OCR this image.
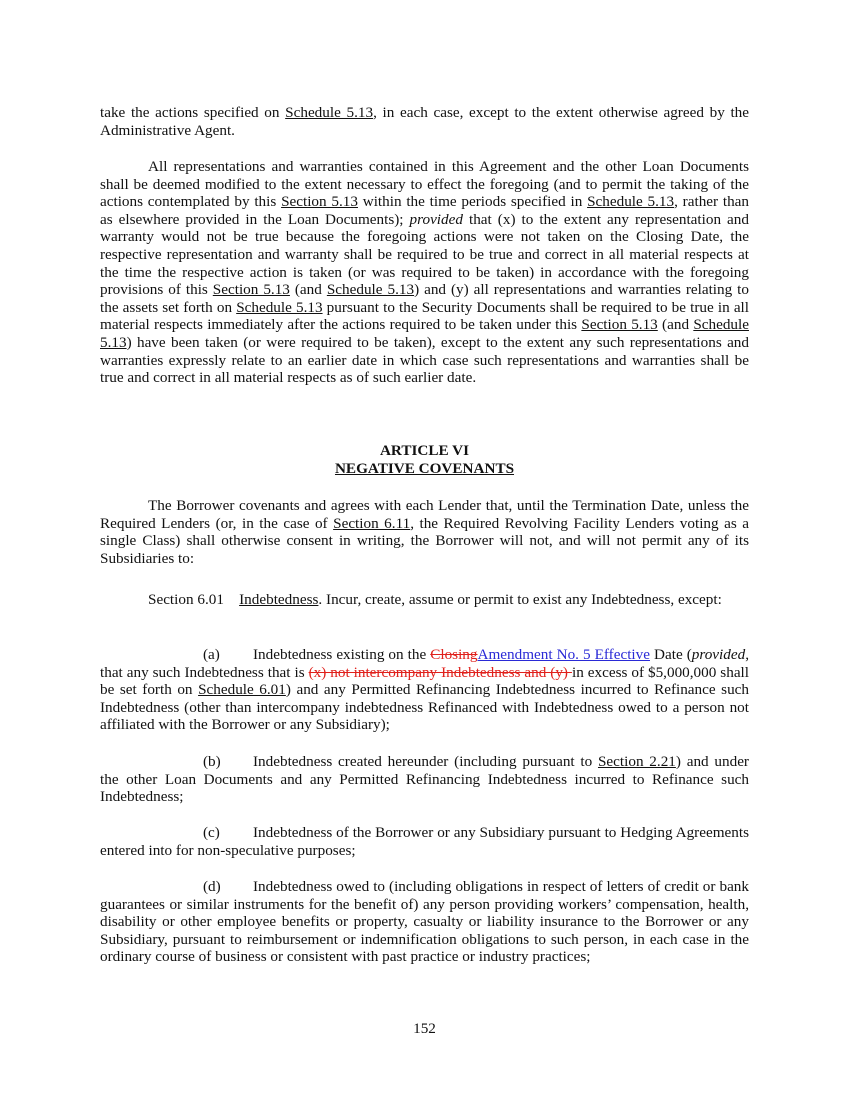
take the actions specified on Schedule 5.13, in each case, except to the extent otherwise agreed by the Administrative Agent.

All representations and warranties contained in this Agreement and the other Loan Documents shall be deemed modified to the extent necessary to effect the foregoing (and to permit the taking of the actions contemplated by this Section 5.13 within the time periods specified in Schedule 5.13, rather than as elsewhere provided in the Loan Documents); provided that (x) to the extent any representation and warranty would not be true because the foregoing actions were not taken on the Closing Date, the respective representation and warranty shall be required to be true and correct in all material respects at the time the respective action is taken (or was required to be taken) in accordance with the foregoing provisions of this Section 5.13 (and Schedule 5.13) and (y) all representations and warranties relating to the assets set forth on Schedule 5.13 pursuant to the Security Documents shall be required to be true in all material respects immediately after the actions required to be taken under this Section 5.13 (and Schedule 5.13) have been taken (or were required to be taken), except to the extent any such representations and warranties expressly relate to an earlier date in which case such representations and warranties shall be true and correct in all material respects as of such earlier date.

ARTICLE VI

NEGATIVE COVENANTS

The Borrower covenants and agrees with each Lender that, until the Termination Date, unless the Required Lenders (or, in the case of Section 6.11, the Required Revolving Facility Lenders voting as a single Class) shall otherwise consent in writing, the Borrower will not, and will not permit any of its Subsidiaries to:

Section 6.01 Indebtedness. Incur, create, assume or permit to exist any Indebtedness, except:

(a) Indebtedness existing on the ClosingAmendment No. 5 Effective Date (provided, that any such Indebtedness that is (x) not intercompany Indebtedness and (y) in excess of $5,000,000 shall be set forth on Schedule 6.01) and any Permitted Refinancing Indebtedness incurred to Refinance such Indebtedness (other than intercompany indebtedness Refinanced with Indebtedness owed to a person not affiliated with the Borrower or any Subsidiary);

(b) Indebtedness created hereunder (including pursuant to Section 2.21) and under the other Loan Documents and any Permitted Refinancing Indebtedness incurred to Refinance such Indebtedness;

(c) Indebtedness of the Borrower or any Subsidiary pursuant to Hedging Agreements entered into for non-speculative purposes;

(d) Indebtedness owed to (including obligations in respect of letters of credit or bank guarantees or similar instruments for the benefit of) any person providing workers’ compensation, health, disability or other employee benefits or property, casualty or liability insurance to the Borrower or any Subsidiary, pursuant to reimbursement or indemnification obligations to such person, in each case in the ordinary course of business or consistent with past practice or industry practices;

152
